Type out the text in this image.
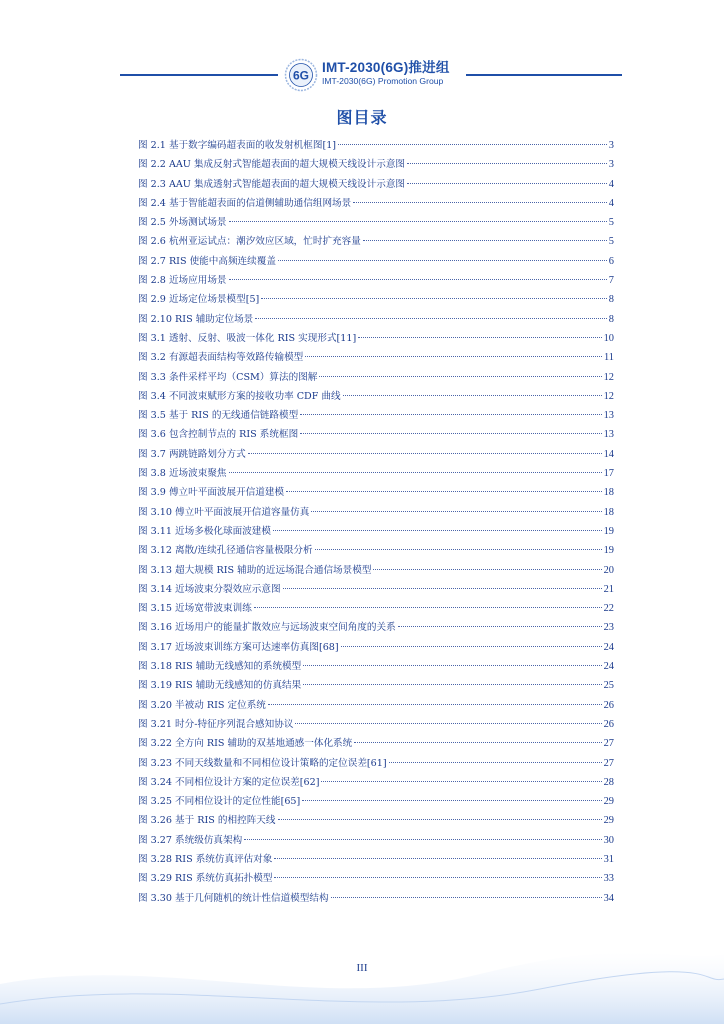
6G
IMT-2030(6G)推进组
IMT-2030(6G) Promotion Group
图目录
图 2.1 基于数字编码超表面的收发射机框图[1]	3
图 2.2 AAU 集成反射式智能超表面的超大规模天线设计示意图	3
图 2.3 AAU 集成透射式智能超表面的超大规模天线设计示意图	4
图 2.4 基于智能超表面的信道侧辅助通信组网场景	4
图 2.5 外场测试场景	5
图 2.6 杭州亚运试点：潮汐效应区域，忙时扩充容量	5
图 2.7 RIS 使能中高频连续覆盖	6
图 2.8 近场应用场景	7
图 2.9 近场定位场景模型[5]	8
图 2.10 RIS 辅助定位场景	8
图 3.1 透射、反射、吸波一体化 RIS 实现形式[11]	10
图 3.2 有源超表面结构等效路传输模型	11
图 3.3 条件采样平均（CSM）算法的图解	12
图 3.4 不同波束赋形方案的接收功率 CDF 曲线	12
图 3.5 基于 RIS 的无线通信链路模型	13
图 3.6 包含控制节点的 RIS 系统框图	13
图 3.7 两跳链路划分方式	14
图 3.8 近场波束聚焦	17
图 3.9 傅立叶平面波展开信道建模	18
图 3.10 傅立叶平面波展开信道容量仿真	18
图 3.11 近场多极化球面波建模	19
图 3.12 离散/连续孔径通信容量极限分析	19
图 3.13 超大规模 RIS 辅助的近远场混合通信场景模型	20
图 3.14 近场波束分裂效应示意图	21
图 3.15 近场宽带波束训练	22
图 3.16 近场用户的能量扩散效应与远场波束空间角度的关系	23
图 3.17 近场波束训练方案可达速率仿真图[68]	24
图 3.18 RIS 辅助无线感知的系统模型	24
图 3.19 RIS 辅助无线感知的仿真结果	25
图 3.20 半被动 RIS 定位系统	26
图 3.21 时分-特征序列混合感知协议	26
图 3.22 全方向 RIS 辅助的双基地通感一体化系统	27
图 3.23 不同天线数量和不同相位设计策略的定位误差[61]	27
图 3.24 不同相位设计方案的定位误差[62]	28
图 3.25 不同相位设计的定位性能[65]	29
图 3.26 基于 RIS 的相控阵天线	29
图 3.27 系统级仿真架构	30
图 3.28 RIS 系统仿真评估对象	31
图 3.29 RIS 系统仿真拓扑模型	33
图 3.30 基于几何随机的统计性信道模型结构	34
III
